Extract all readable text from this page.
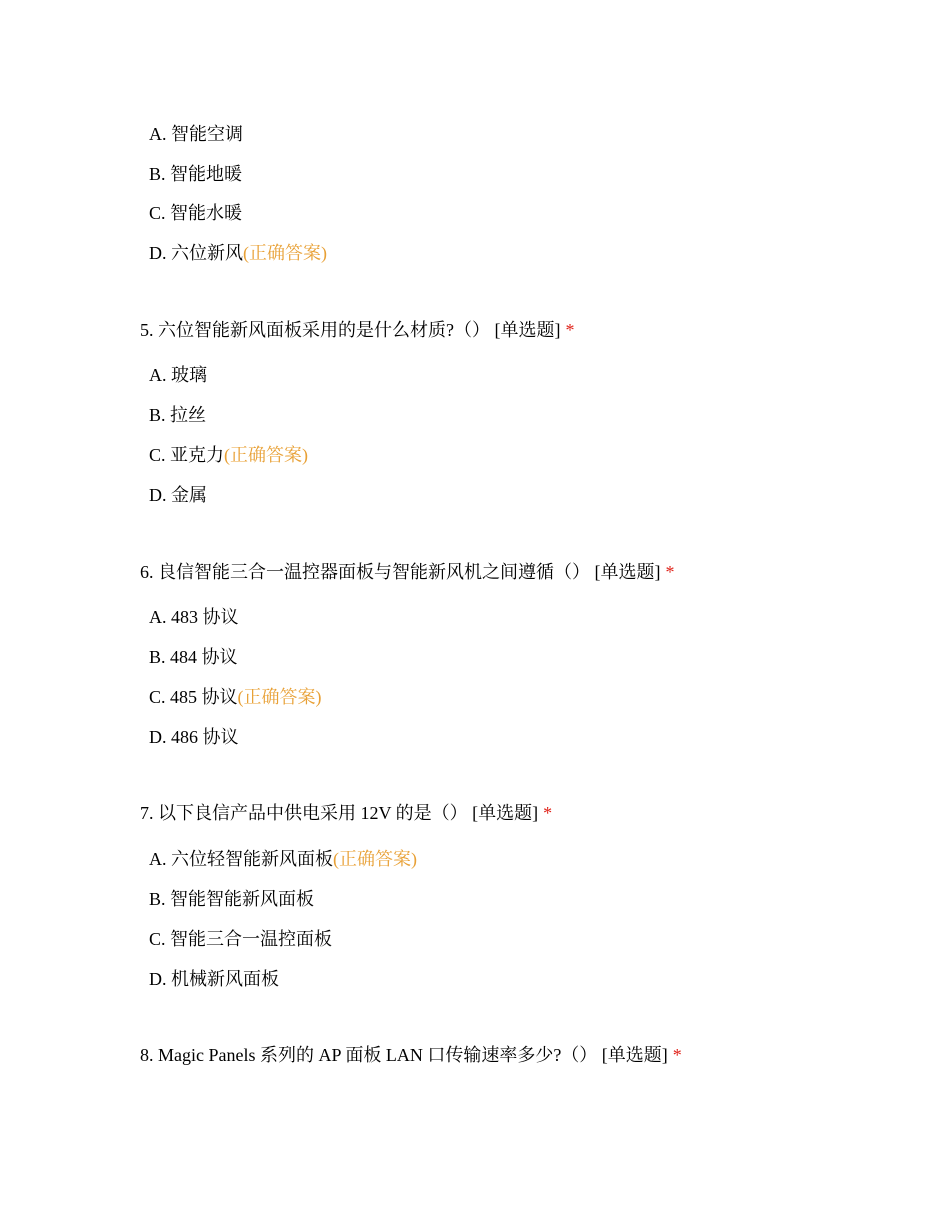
A. 智能空调
B. 智能地暖
C. 智能水暖
D. 六位新风(正确答案)
5. 六位智能新风面板采用的是什么材质?（） [单选题] *
A. 玻璃
B. 拉丝
C. 亚克力(正确答案)
D. 金属
6. 良信智能三合一温控器面板与智能新风机之间遵循（） [单选题] *
A. 483 协议
B. 484 协议
C. 485 协议(正确答案)
D. 486 协议
7. 以下良信产品中供电采用 12V 的是（） [单选题] *
A. 六位轻智能新风面板(正确答案)
B. 智能智能新风面板
C. 智能三合一温控面板
D. 机械新风面板
8. Magic Panels 系列的 AP 面板 LAN 口传输速率多少?（） [单选题] *
